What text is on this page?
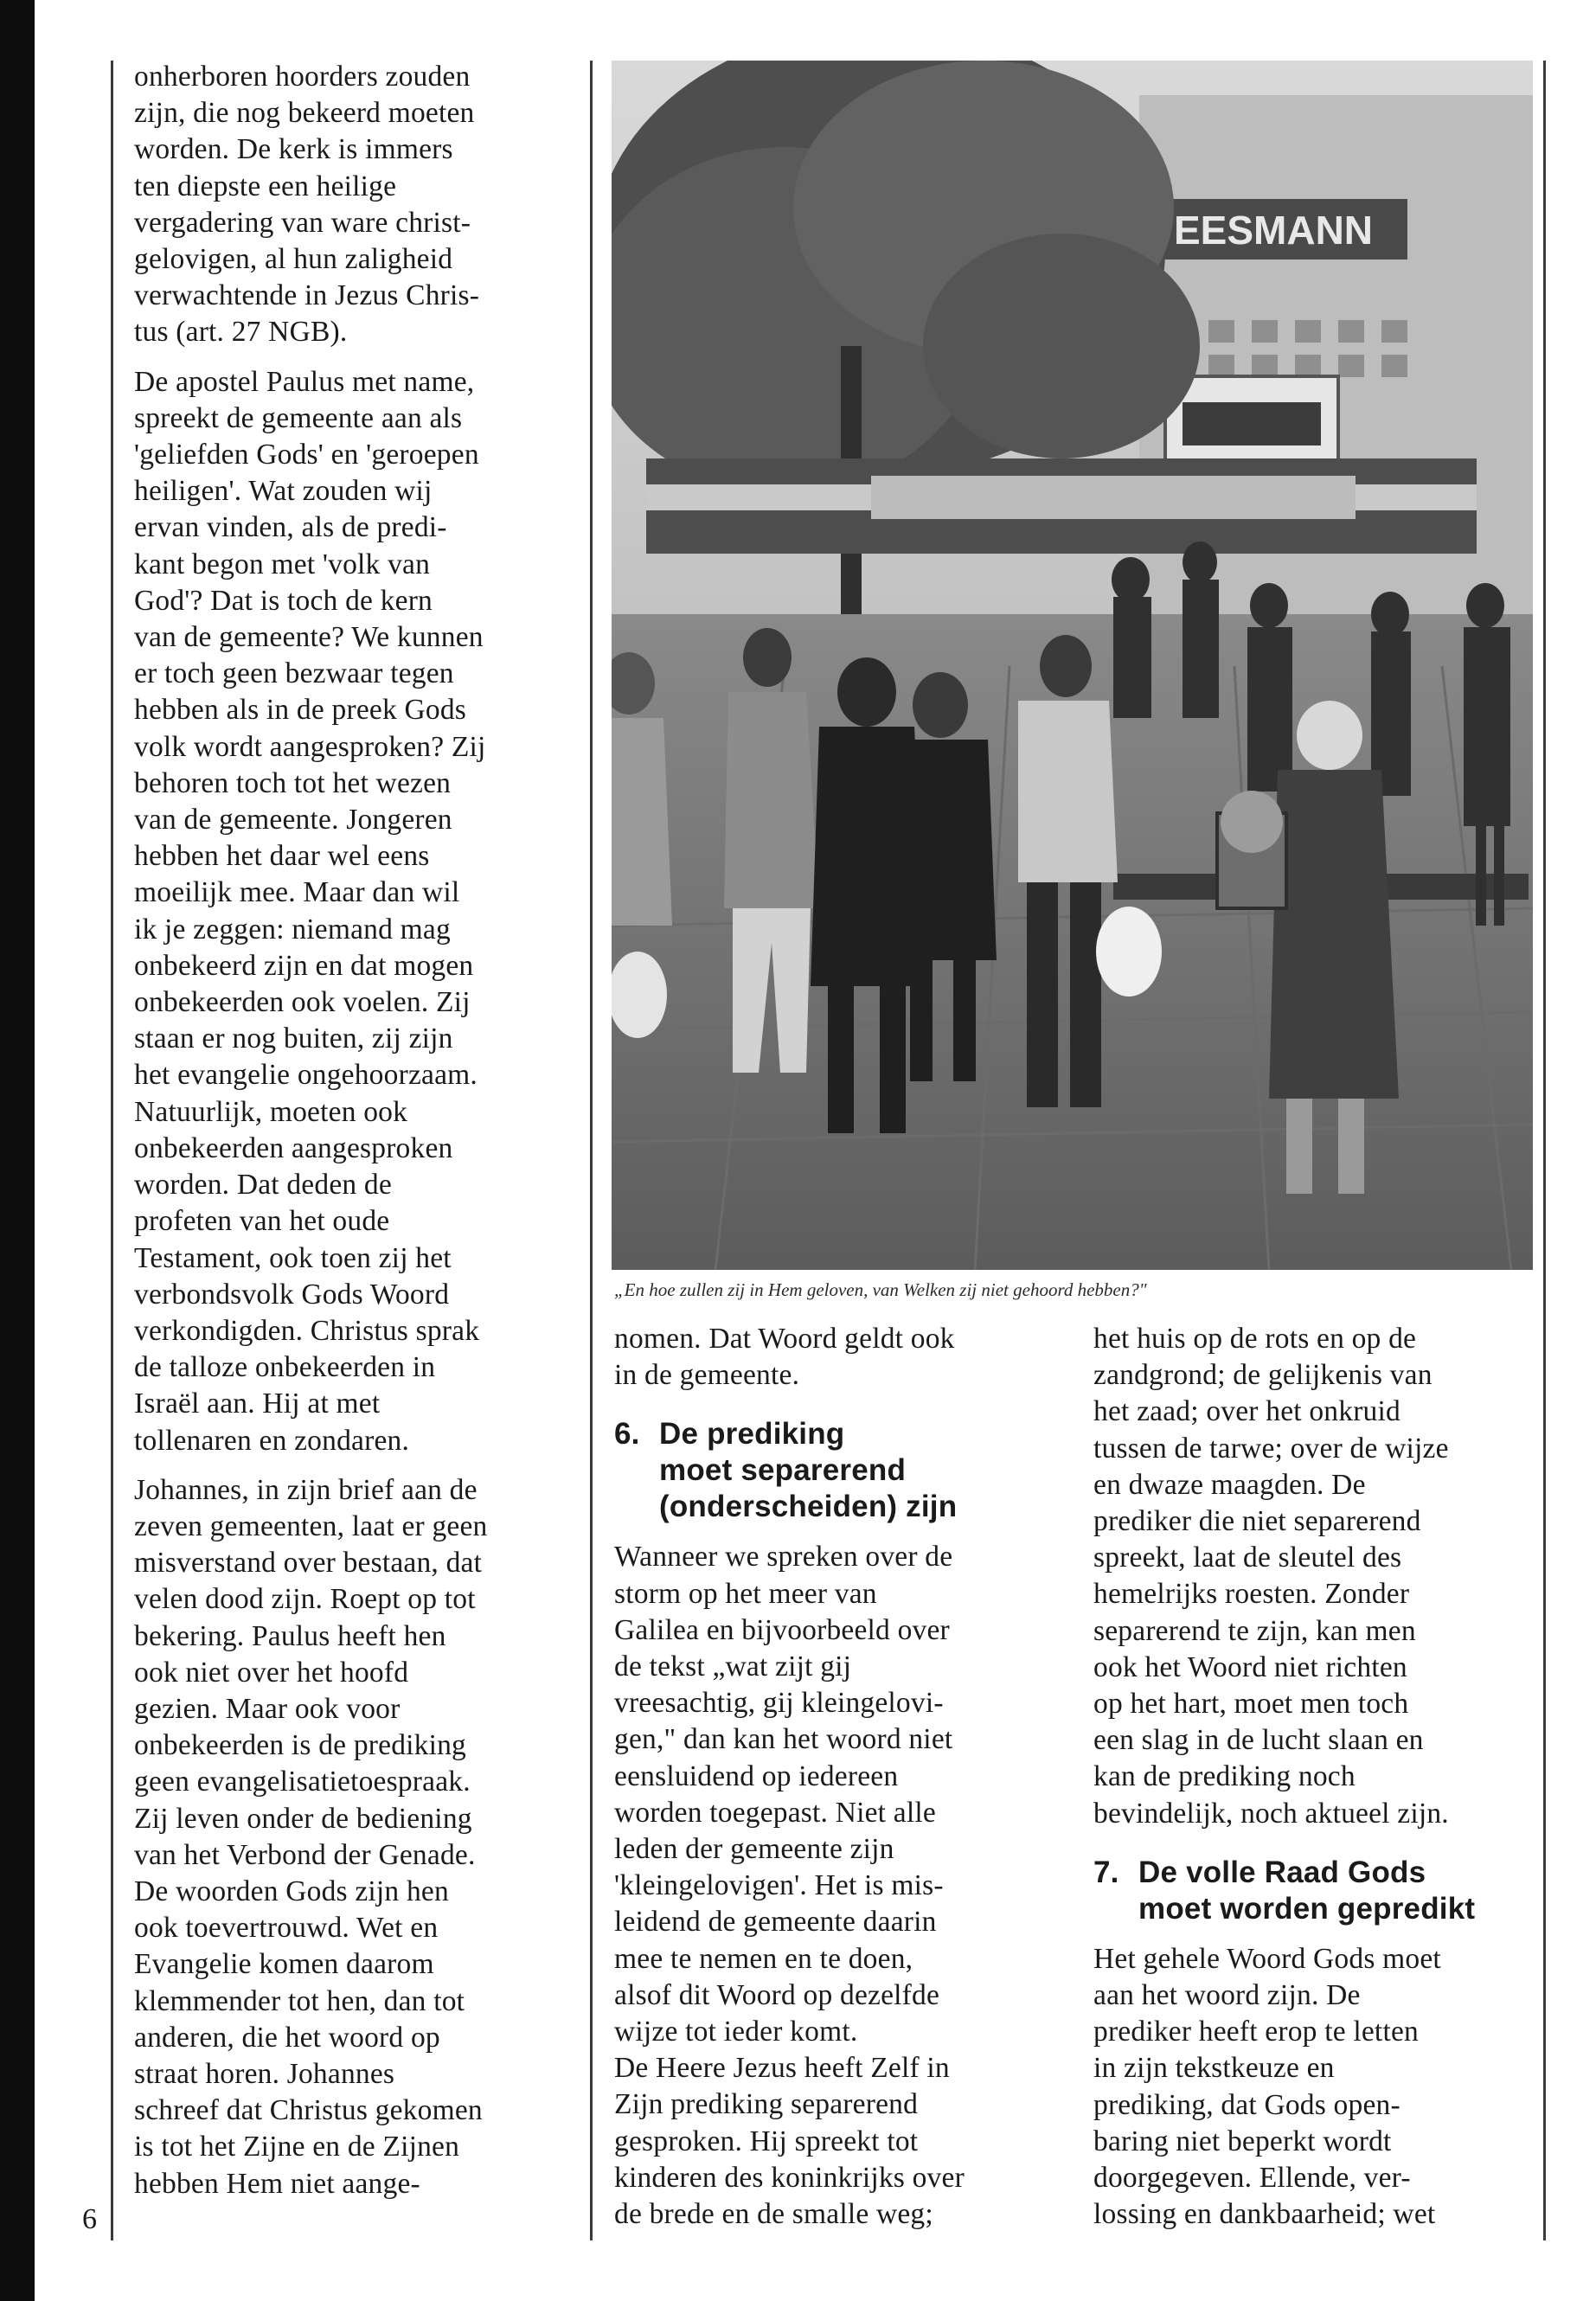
onherboren hoorders zouden
zijn, die nog bekeerd moeten
worden. De kerk is immers
ten diepste een heilige
vergadering van ware christ-
gelovigen, al hun zaligheid
verwachtende in Jezus Chris-
tus (art. 27 NGB).

De apostel Paulus met name,
spreekt de gemeente aan als
'geliefden Gods' en 'geroepen
heiligen'. Wat zouden wij
ervan vinden, als de predi-
kant begon met 'volk van
God'? Dat is toch de kern
van de gemeente? We kunnen
er toch geen bezwaar tegen
hebben als in de preek Gods
volk wordt aangesproken? Zij
behoren toch tot het wezen
van de gemeente. Jongeren
hebben het daar wel eens
moeilijk mee. Maar dan wil
ik je zeggen: niemand mag
onbekeerd zijn en dat mogen
onbekeerden ook voelen. Zij
staan er nog buiten, zij zijn
het evangelie ongehoorzaam.

Natuurlijk, moeten ook
onbekeerden aangesproken
worden. Dat deden de
profeten van het oude
Testament, ook toen zij het
verbondsvolk Gods Woord
verkondigden. Christus sprak
de talloze onbekeerden in
Israël aan. Hij at met
tollenaren en zondaren.

Johannes, in zijn brief aan de
zeven gemeenten, laat er geen
misverstand over bestaan, dat
velen dood zijn. Roept op tot
bekering. Paulus heeft hen
ook niet over het hoofd
gezien. Maar ook voor
onbekeerden is de prediking
geen evangelisatietoespraak.

Zij leven onder de bediening
van het Verbond der Genade.

De woorden Gods zijn hen
ook toevertrouwd. Wet en
Evangelie komen daarom
klemmender tot hen, dan tot
anderen, die het woord op
straat horen. Johannes
schreef dat Christus gekomen
is tot het Zijne en de Zijnen
hebben Hem niet aange-

EESMANN
„En hoe zullen zij in Hem geloven, van Welken zij niet gehoord hebben?"

nomen. Dat Woord geldt ook
in de gemeente.

6. De prediking
moet separerend
(onderscheiden) zijn

Wanneer we spreken over de
storm op het meer van
Galilea en bijvoorbeeld over
de tekst „wat zijt gij
vreesachtig, gij kleingelovi-
gen," dan kan het woord niet
eensluidend op iedereen
worden toegepast. Niet alle
leden der gemeente zijn
'kleingelovigen'. Het is mis-
leidend de gemeente daarin
mee te nemen en te doen,
alsof dit Woord op dezelfde
wijze tot ieder komt.

De Heere Jezus heeft Zelf in
Zijn prediking separerend
gesproken. Hij spreekt tot
kinderen des koninkrijks over
de brede en de smalle weg;

het huis op de rots en op de
zandgrond; de gelijkenis van
het zaad; over het onkruid
tussen de tarwe; over de wijze
en dwaze maagden. De
prediker die niet separerend
spreekt, laat de sleutel des
hemelrijks roesten. Zonder
separerend te zijn, kan men
ook het Woord niet richten
op het hart, moet men toch
een slag in de lucht slaan en
kan de prediking noch
bevindelijk, noch aktueel zijn.

7. De volle Raad Gods
moet worden gepredikt

Het gehele Woord Gods moet
aan het woord zijn. De
prediker heeft erop te letten
in zijn tekstkeuze en
prediking, dat Gods open-
baring niet beperkt wordt
doorgegeven. Ellende, ver-
lossing en dankbaarheid; wet

6
